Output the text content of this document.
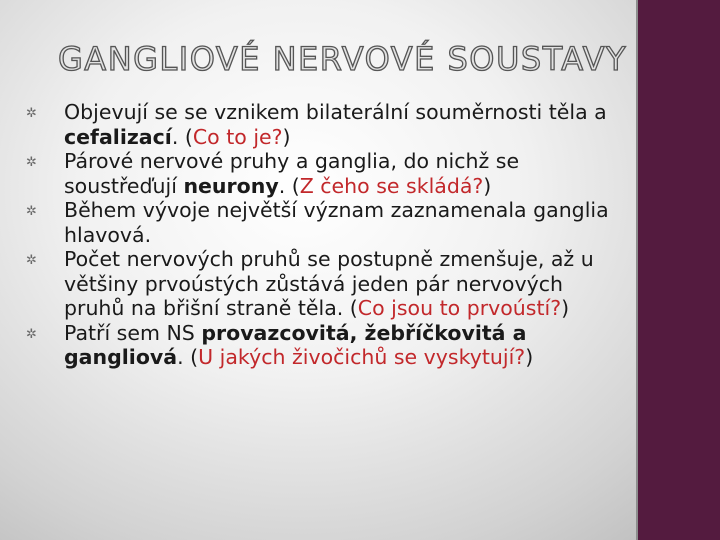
GANGLIOVÉ NERVOVÉ SOUSTAVY
✲ Objevují se se vznikem bilaterální souměrnosti těla a cefalizací. (Co to je?)
✲ Párové nervové pruhy a ganglia, do nichž se soustřeďují neurony. (Z čeho se skládá?)
✲ Během vývoje největší význam zaznamenala ganglia hlavová.
✲ Počet nervových pruhů se postupně zmenšuje, až u většiny prvoústých zůstává jeden pár nervových pruhů na břišní straně těla. (Co jsou to prvoústí?)
✲ Patří sem NS provazcovitá, žebříčkovitá a gangliová. (U jakých živočichů se vyskytují?)
